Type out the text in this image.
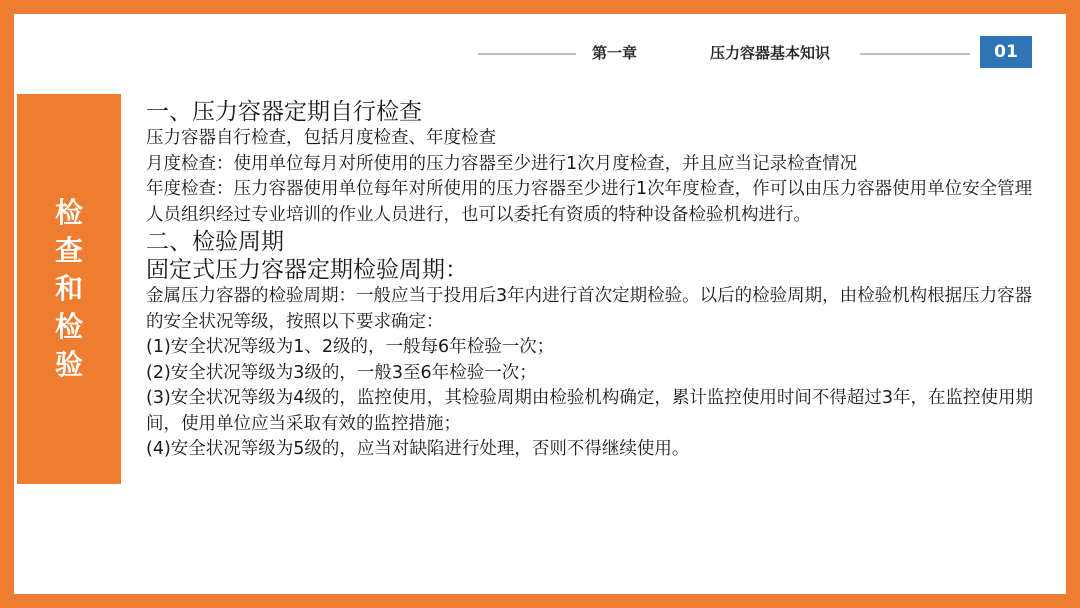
第一章	压力容器基本知识	01
检查和检验

一、压力容器定期自行检查

压力容器自行检查，包括月度检查、年度检查

月度检查：使用单位每月对所使用的压力容器至少进行1次月度检查，并且应当记录检查情况

年度检查：压力容器使用单位每年对所使用的压力容器至少进行1次年度检查，作可以由压力容器使用单位安全管理人员组织经过专业培训的作业人员进行，也可以委托有资质的特种设备检验机构进行。

二、检验周期

固定式压力容器定期检验周期：

金属压力容器的检验周期：一般应当于投用后3年内进行首次定期检验。以后的检验周期，由检验机构根据压力容器的安全状况等级，按照以下要求确定：

(1)安全状况等级为1、2级的，一般每6年检验一次；

(2)安全状况等级为3级的，一般3至6年检验一次；

(3)安全状况等级为4级的，监控使用，其检验周期由检验机构确定，累计监控使用时间不得超过3年，在监控使用期间，使用单位应当采取有效的监控措施；

(4)安全状况等级为5级的，应当对缺陷进行处理，否则不得继续使用。
